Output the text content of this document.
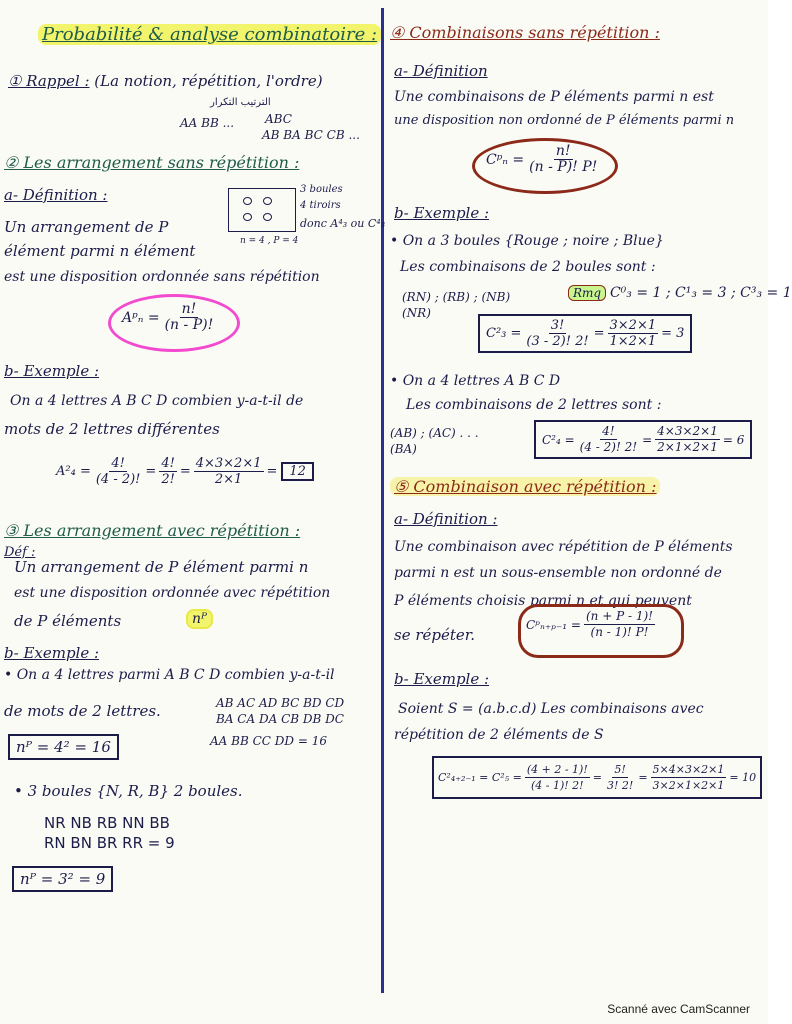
Probabilité & analyse combinatoire :
① Rappel : (La notion, répétition, l'ordre)
الترتيب التكرار
AA BB ...	ABC
AB BA BC CB ...
② Les arrangement sans répétition :
a- Définition :	3 boules
4 tiroirs
donc A⁴₃ ou C⁴₃
n = 4 , P = 4
Un arrangement de P
élément parmi n élément
est une disposition ordonnée sans répétition
Aᵖₙ = $\frac{n!}{(n - P)!}$
b- Exemple :
On a 4 lettres A B C D combien y-a-t-il de
mots de 2 lettres différentes
$A^2_4 = \frac{4!}{(4 - 2)!} = \frac{4!}{2!} = \frac{4\times 3\times 2\times 1}{2\times 1} = 12$
③ Les arrangement avec répétition :
Déf :
Un arrangement de P élément parmi n
est une disposition ordonnée avec répétition
de P éléments	nᴾ
b- Exemple :
• On a 4 lettres parmi A B C D combien y-a-t-il
de mots de 2 lettres.	AB AC AD BC BD CD
BA CA DA CB DB DC
AA BB CC DD = 16
nᴾ = 4² = 16
• 3 boules {N, R, B} 2 boules.
NR NB RB NN BB
RN BN BR RR = 9
nᴾ = 3² = 9
④ Combinaisons sans répétition :
a- Définition
Une combinaisons de P éléments parmi n est
une disposition non ordonné de P éléments parmi n
Cᵖₙ = $\frac{n!}{(n - P)! P!}$
b- Exemple :
• On a 3 boules {Rouge ; noire ; Blue}
Les combinaisons de 2 boules sont :
(RN) ; (RB) ; (NB)
(NR)
Rmq C⁰₃ = 1 ; C¹₃ = 3 ; C³₃ = 1
$C^2_3 = \frac{3!}{(3 - 2)! 2!} = \frac{3\times 2\times 1}{1\times 2\times 1} = 3$
• On a 4 lettres A B C D
Les combinaisons de 2 lettres sont :
(AB) ; (AC) . . .
(BA)
$C^2_4 = \frac{4!}{(4 - 2)! 2!} = \frac{4\times 3\times 2\times 1}{2\times 1\times 2\times 1} = 6$
⑤ Combinaison avec répétition :
a- Définition :
Une combinaison avec répétition de P éléments
parmi n est un sous-ensemble non ordonné de
P éléments choisis parmi n et qui peuvent
se répéter.
Cᵖₙ₊ₚ₋₁ = $\frac{(n + P - 1)!}{(n - 1)! P!}$
b- Exemple :
Soient S = (a.b.c.d) Les combinaisons avec
répétition de 2 éléments de S
$C^2_{4+2-1} = C^2_5 = \frac{(4 + 2 - 1)!}{(4 - 1)! 2!} = \frac{5!}{3! 2!} = \frac{5\times 4\times 3\times 2\times 1}{3\times 2\times 1\times 2\times 1} = 10$
Scanné avec CamScanner
